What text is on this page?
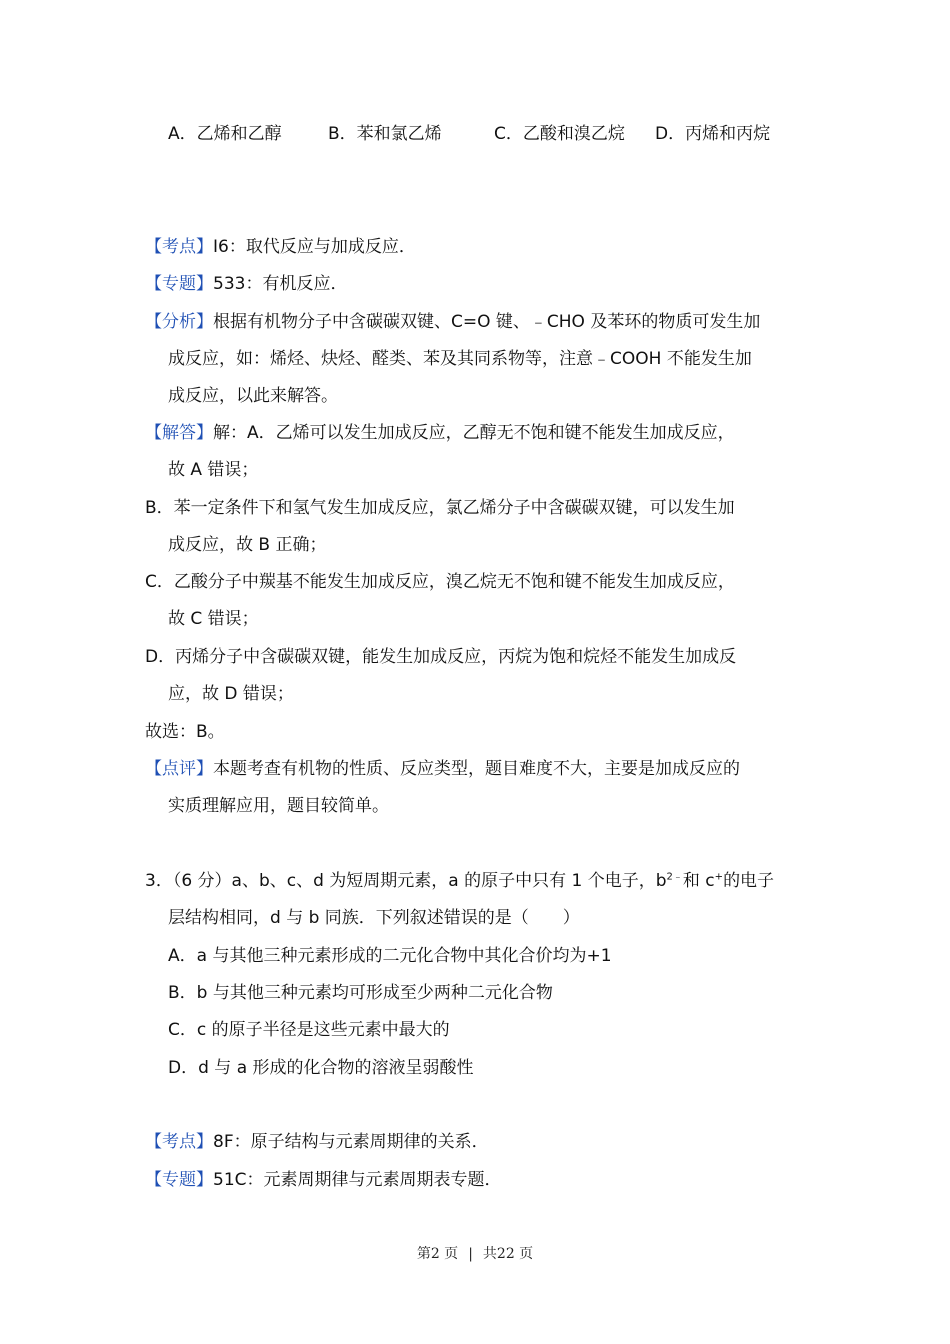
A．乙烯和乙醇	B．苯和氯乙烯	C．乙酸和溴乙烷 D．丙烯和丙烷
【考点】I6：取代反应与加成反应．
【专题】533：有机反应．
【分析】根据有机物分子中含碳碳双键、C=O 键、﹣CHO 及苯环的物质可发生加
成反应，如：烯烃、炔烃、醛类、苯及其同系物等，注意﹣COOH 不能发生加
成反应，以此来解答。
【解答】解：A．乙烯可以发生加成反应，乙醇无不饱和键不能发生加成反应，
故 A 错误；
B．苯一定条件下和氢气发生加成反应，氯乙烯分子中含碳碳双键，可以发生加
成反应，故 B 正确；
C．乙酸分子中羰基不能发生加成反应，溴乙烷无不饱和键不能发生加成反应，
故 C 错误；
D．丙烯分子中含碳碳双键，能发生加成反应，丙烷为饱和烷烃不能发生加成反
应，故 D 错误；
故选：B。
【点评】本题考查有机物的性质、反应类型，题目难度不大，主要是加成反应的
实质理解应用，题目较简单。
3．（6 分）a、b、c、d 为短周期元素，a 的原子中只有 1 个电子，$b^{2﹣}$和 c+的电子
层结构相同，d 与 b 同族．下列叙述错误的是（　　）
A．a 与其他三种元素形成的二元化合物中其化合价均为+1
B．b 与其他三种元素均可形成至少两种二元化合物
C．c 的原子半径是这些元素中最大的
D．d 与 a 形成的化合物的溶液呈弱酸性
【考点】8F：原子结构与元素周期律的关系．
【专题】51C：元素周期律与元素周期表专题．
第2 页 | 共22 页
